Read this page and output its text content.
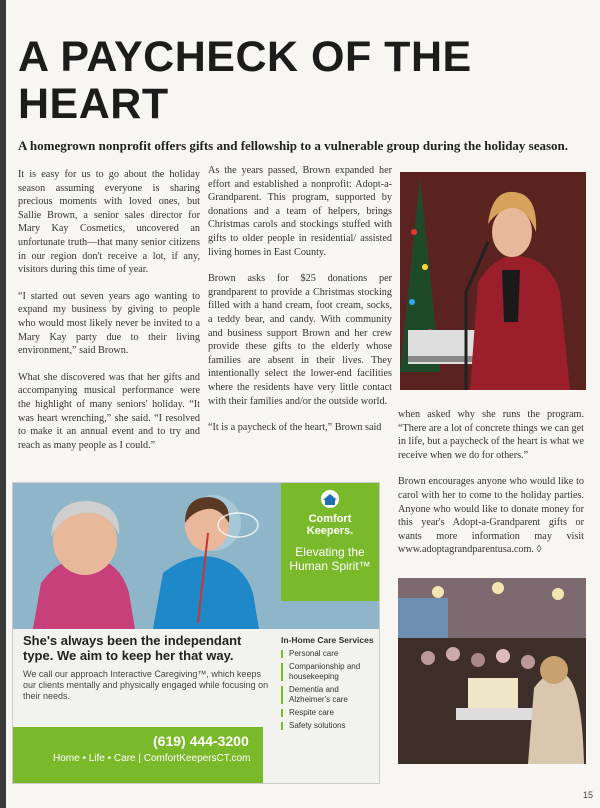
A PAYCHECK OF THE
HEART
A homegrown nonprofit offers gifts and fellowship to a vulnerable group during the holiday season.

It is easy for us to go about the holiday season assuming everyone is sharing precious moments with loved ones, but Sallie Brown, a senior sales director for Mary Kay Cosmetics, uncovered an unfortunate truth—that many senior citizens in our region don't receive a lot, if any, visitors during this time of year.

“I started out seven years ago wanting to expand my business by giving to people who would most likely never be invited to a Mary Kay party due to their living environment,” said Brown.

What she discovered was that her gifts and accompanying musical performance were the highlight of many seniors' holiday. “It was heart wrenching,” she said. “I resolved to make it an annual event and to try and reach as many people as I could.”

As the years passed, Brown expanded her effort and established a nonprofit: Adopt-a-Grandparent. This program, supported by donations and a team of helpers, brings Christmas carols and stockings stuffed with gifts to older people in residential/ assisted living homes in East County.

Brown asks for $25 donations per grandparent to provide a Christmas stocking filled with a hand cream, foot cream, socks, a teddy bear, and candy. With community and business support Brown and her crew provide these gifts to the elderly whose families are absent in their lives. They intentionally select the lower-end facilities where the residents have very little contact with their families and/or the outside world.

“It is a paycheck of the heart,” Brown said

when asked why she runs the program. “There are a lot of concrete things we can get in life, but a paycheck of the heart is what we receive when we do for others.”

Brown encourages anyone who would like to carol with her to come to the holiday parties. Anyone who would like to donate money for this year's Adopt-a-Grandparent gifts or wants more information may visit www.adoptagrandparentusa.com. ◊

Comfort
Keepers.
Elevating the
Human Spirit™
She's always been the independant type. We aim to keep her that way.
We call our approach Interactive Caregiving™, which keeps our clients mentally and physically engaged while focusing on their needs.
In-Home Care Services
Personal care
Companionship and housekeeping
Dementia and Alzheimer's care
Respite care
Safety solutions
(619) 444-3200
Home • Life • Care | ComfortKeepersCT.com
15
